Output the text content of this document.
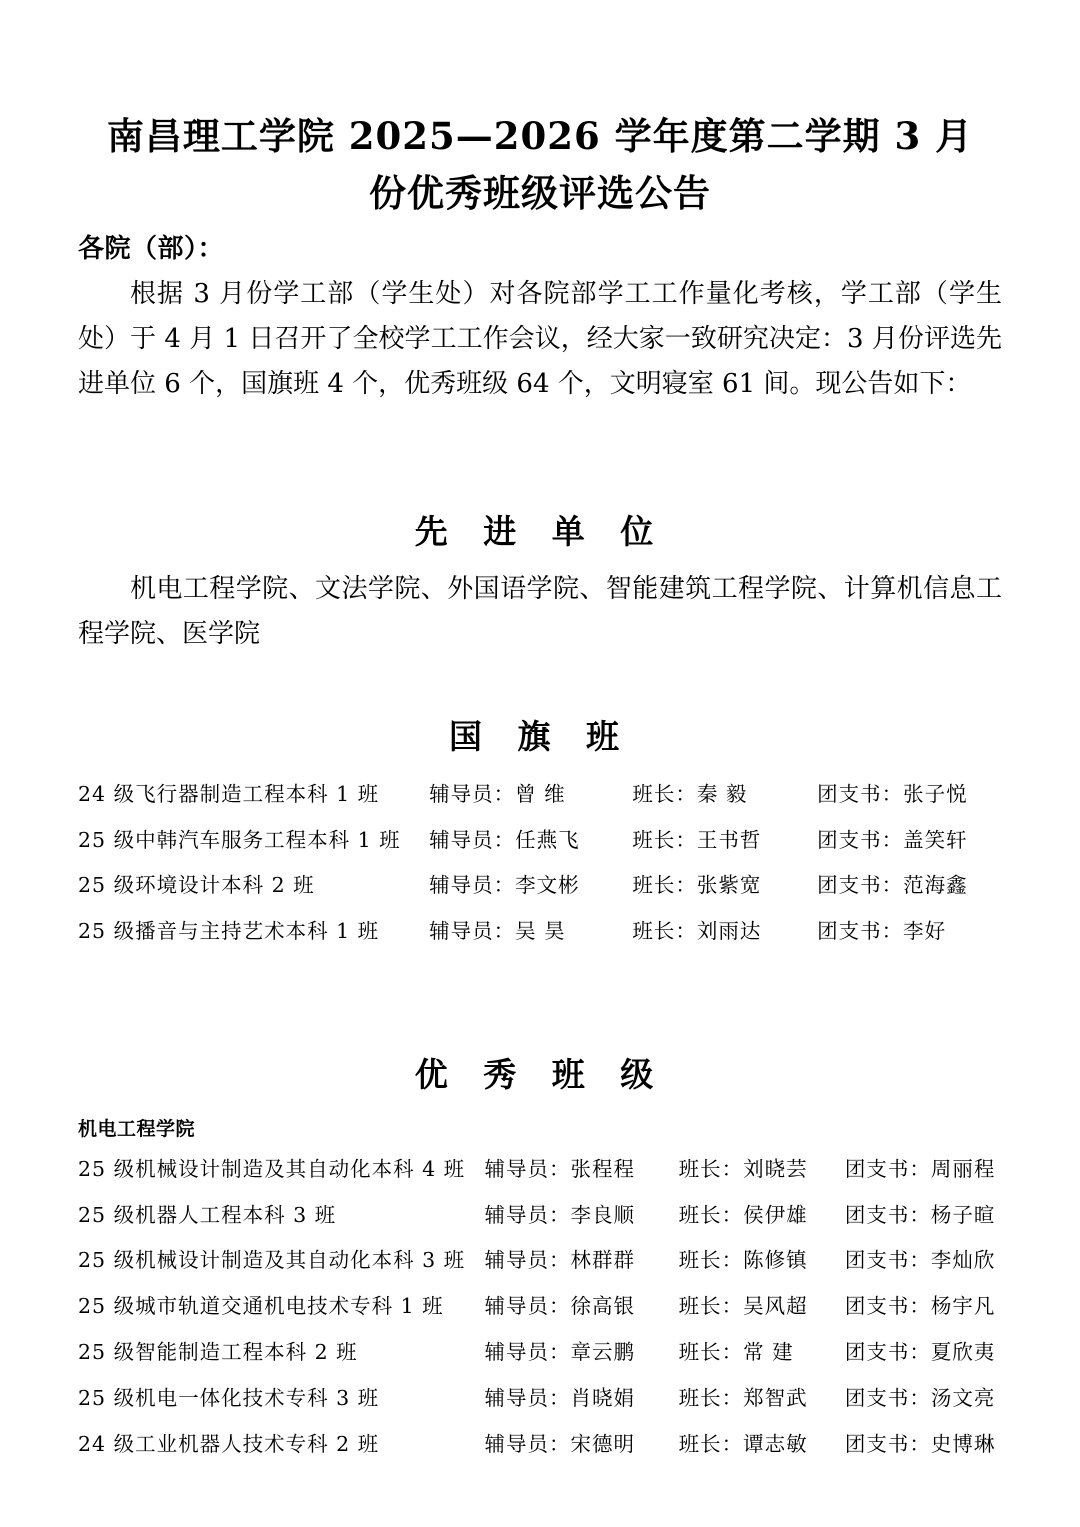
南昌理工学院 2025—2026 学年度第二学期 3 月份优秀班级评选公告

各院（部）：

根据 3 月份学工部（学生处）对各院部学工工作量化考核，学工部（学生处）于 4 月 1 日召开了全校学工工作会议，经大家一致研究决定：3 月份评选先进单位 6 个，国旗班 4 个，优秀班级 64 个，文明寝室 61 间。现公告如下：

先 进 单 位

机电工程学院、文法学院、外国语学院、智能建筑工程学院、计算机信息工程学院、医学院

国 旗 班
24 级飞行器制造工程本科 1 班	辅导员：曾 维	班长：秦 毅	团支书：张子悦
25 级中韩汽车服务工程本科 1 班	辅导员：任燕飞	班长：王书哲	团支书：盖笑轩
25 级环境设计本科 2 班	辅导员：李文彬	班长：张紫宽	团支书：范海鑫
25 级播音与主持艺术本科 1 班	辅导员：吴 昊	班长：刘雨达	团支书：李好
优 秀 班 级
机电工程学院
25 级机械设计制造及其自动化本科 4 班	辅导员：张程程	班长：刘晓芸	团支书：周丽程
25 级机器人工程本科 3 班	辅导员：李良顺	班长：侯伊雄	团支书：杨子暄
25 级机械设计制造及其自动化本科 3 班	辅导员：林群群	班长：陈修镇	团支书：李灿欣
25 级城市轨道交通机电技术专科 1 班	辅导员：徐高银	班长：吴风超	团支书：杨宇凡
25 级智能制造工程本科 2 班	辅导员：章云鹏	班长：常 建	团支书：夏欣夷
25 级机电一体化技术专科 3 班	辅导员：肖晓娟	班长：郑智武	团支书：汤文亮
24 级工业机器人技术专科 2 班	辅导员：宋德明	班长：谭志敏	团支书：史博琳
